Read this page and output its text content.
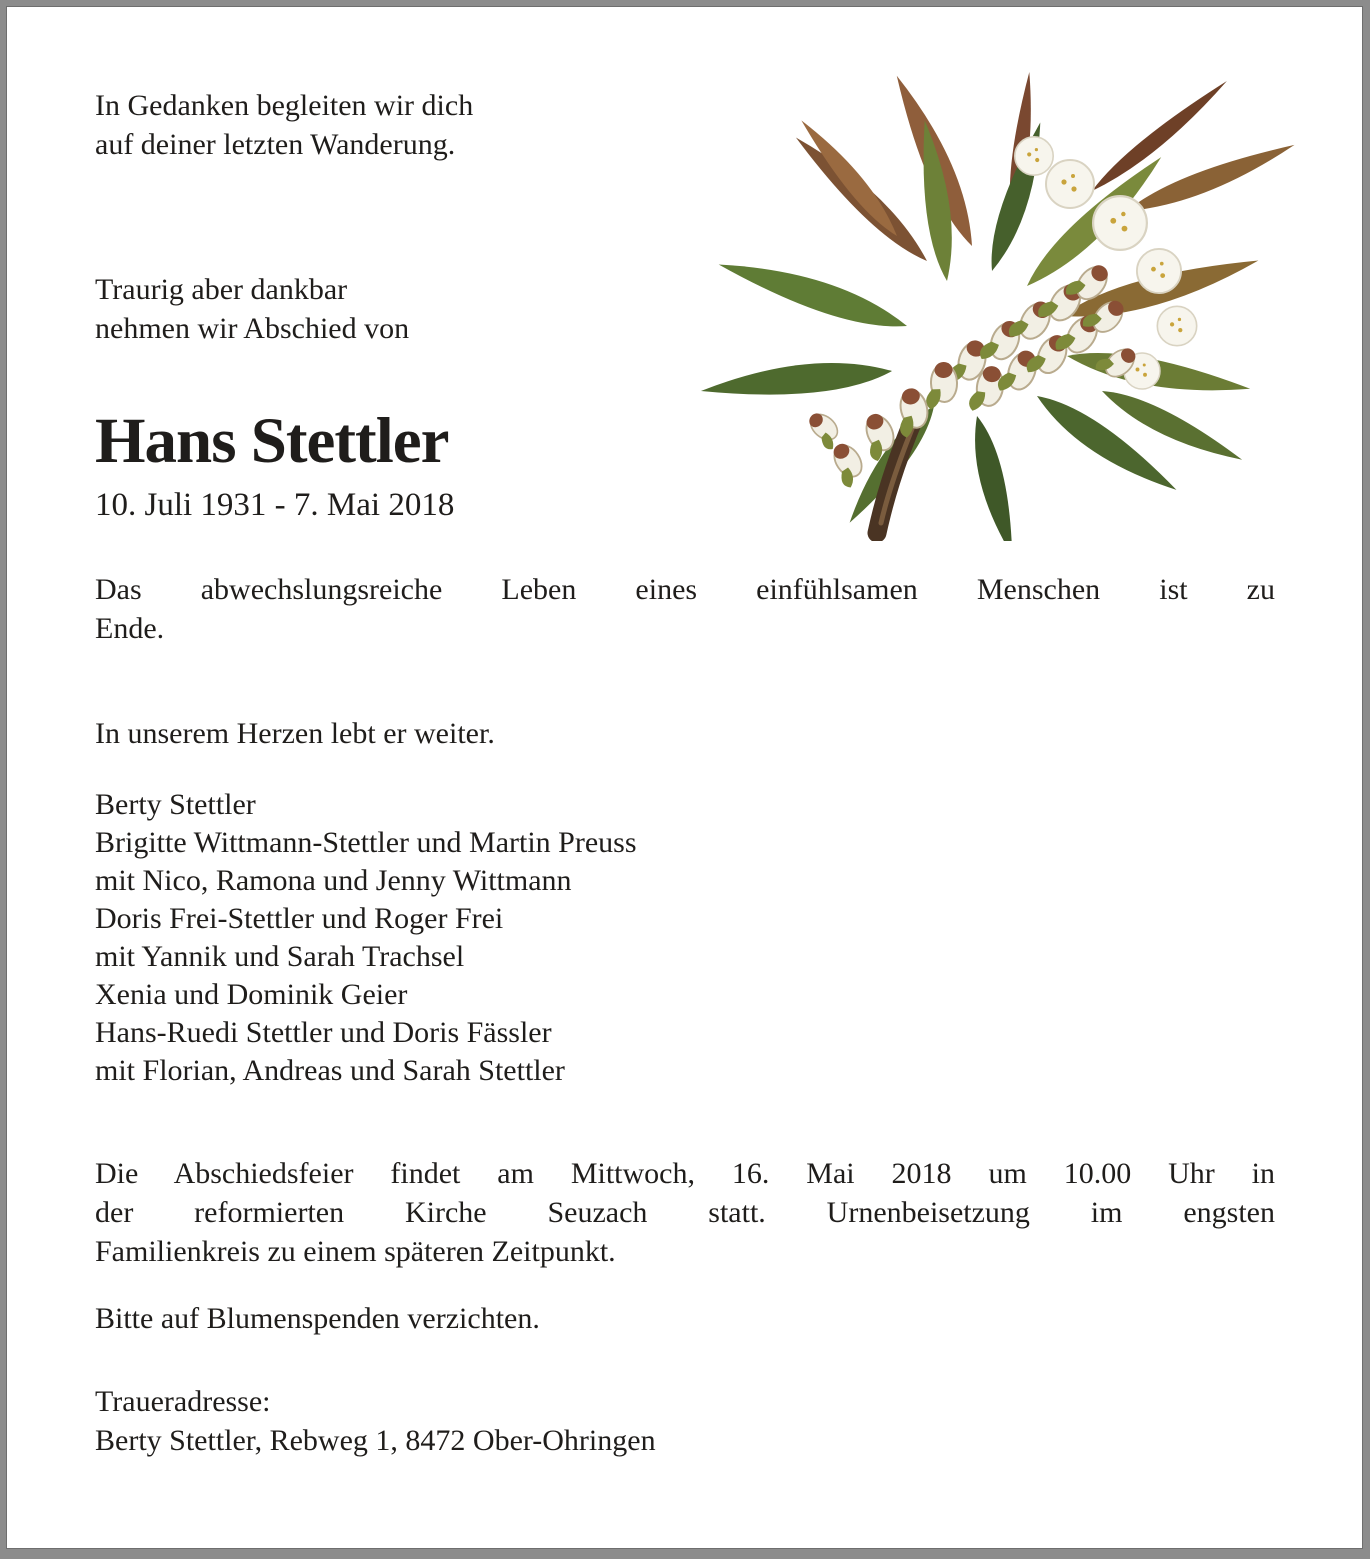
In Gedanken begleiten wir dich
auf deiner letzten Wanderung.
Traurig aber dankbar
nehmen wir Abschied von
Hans Stettler
10. Juli 1931 - 7. Mai 2018
Das abwechslungsreiche Leben eines einfühlsamen Menschen ist zu
Ende.
In unserem Herzen lebt er weiter.
Berty Stettler
Brigitte Wittmann-Stettler und Martin Preuss
mit Nico, Ramona und Jenny Wittmann
Doris Frei-Stettler und Roger Frei
mit Yannik und Sarah Trachsel
Xenia und Dominik Geier
Hans-Ruedi Stettler und Doris Fässler
mit Florian, Andreas und Sarah Stettler
Die Abschiedsfeier findet am Mittwoch, 16. Mai 2018 um 10.00 Uhr in
der reformierten Kirche Seuzach statt. Urnenbeisetzung im engsten
Familienkreis zu einem späteren Zeitpunkt.
Bitte auf Blumenspenden verzichten.
Traueradresse:
Berty Stettler, Rebweg 1, 8472 Ober-Ohringen
